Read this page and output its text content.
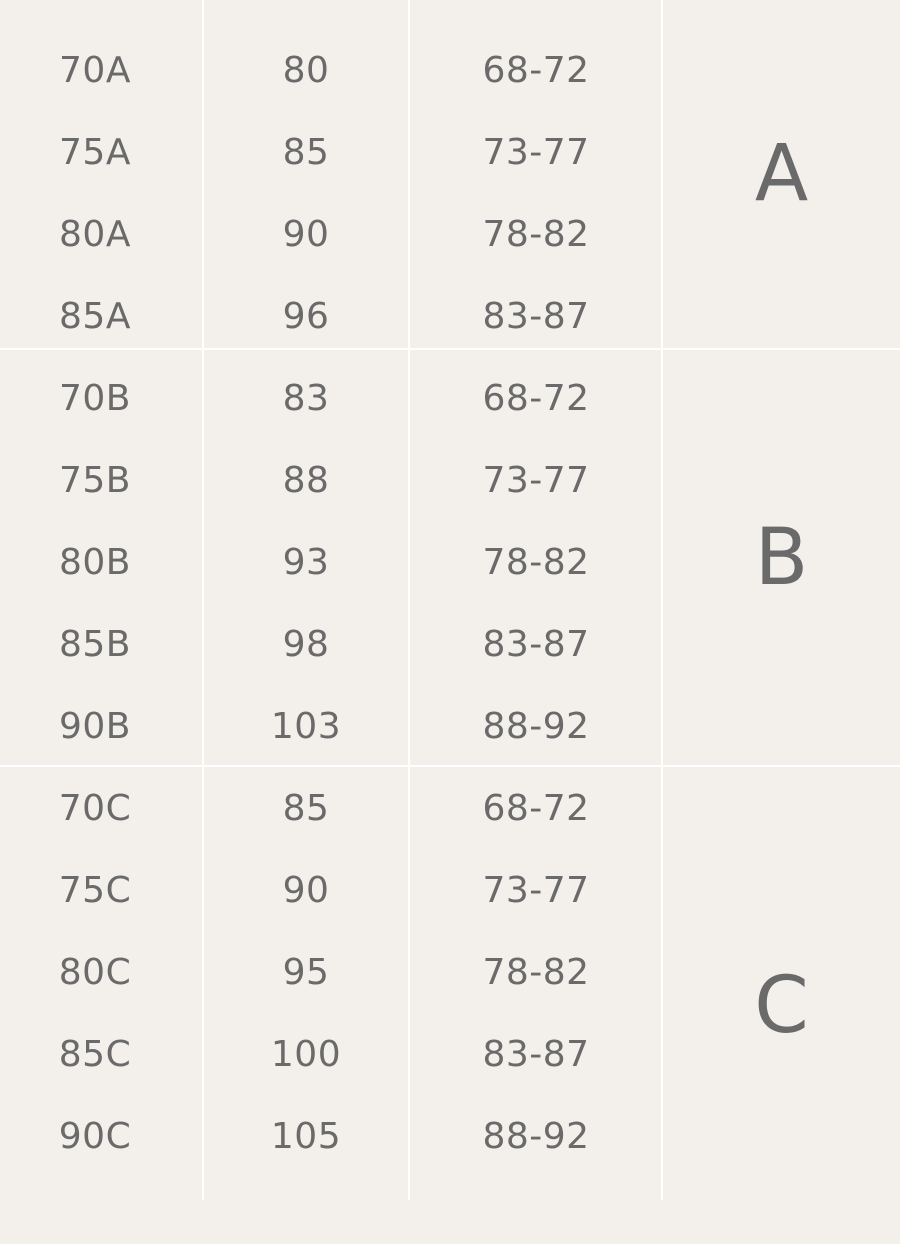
70A	80	68-72
75A	85	73-77
80A	90	78-82
85A	96	83-87
A
70B	83	68-72
75B	88	73-77
80B	93	78-82
85B	98	83-87
90B	103	88-92
B
70C	85	68-72
75C	90	73-77
80C	95	78-82
85C	100	83-87
90C	105	88-92
C
